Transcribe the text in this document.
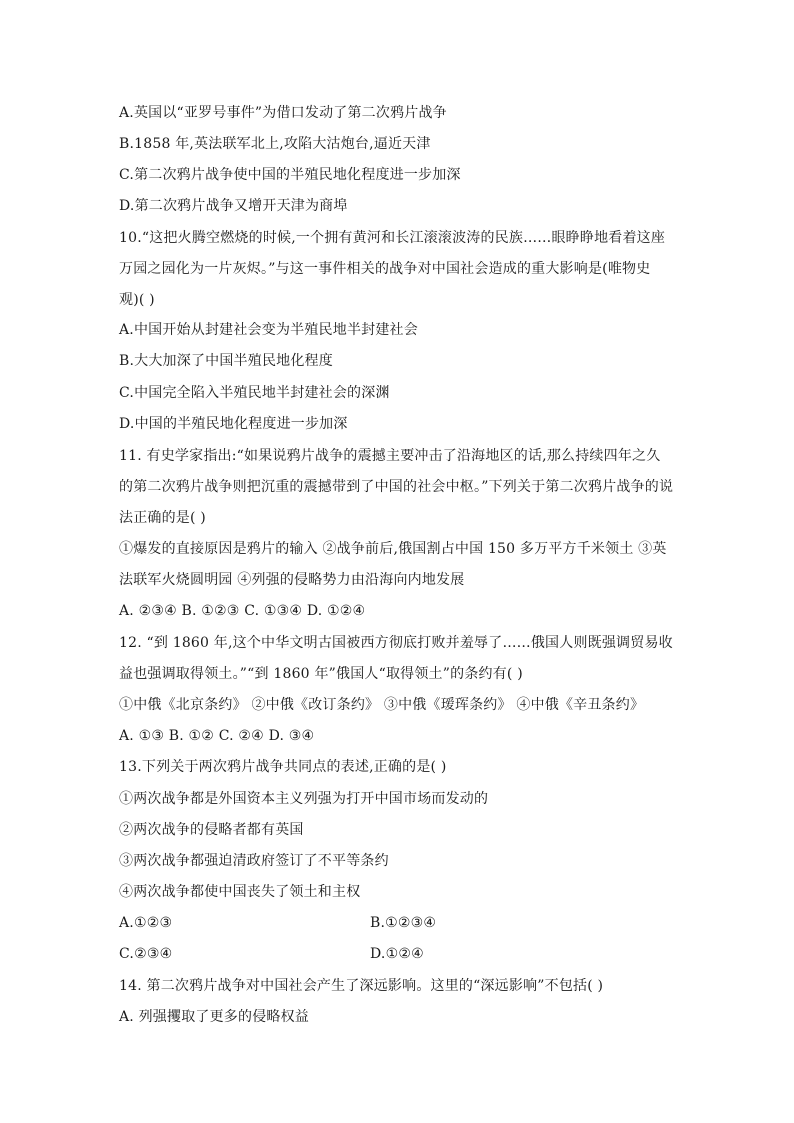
A.英国以“亚罗号事件”为借口发动了第二次鸦片战争
B.1858 年,英法联军北上,攻陷大沽炮台,逼近天津
C.第二次鸦片战争使中国的半殖民地化程度进一步加深
D.第二次鸦片战争又增开天津为商埠
10.“这把火腾空燃烧的时候,一个拥有黄河和长江滚滚波涛的民族……眼睁睁地看着这座
万园之园化为一片灰烬。”与这一事件相关的战争对中国社会造成的重大影响是(唯物史
观)( )
A.中国开始从封建社会变为半殖民地半封建社会
B.大大加深了中国半殖民地化程度
C.中国完全陷入半殖民地半封建社会的深渊
D.中国的半殖民地化程度进一步加深
11. 有史学家指出:“如果说鸦片战争的震撼主要冲击了沿海地区的话,那么持续四年之久
的第二次鸦片战争则把沉重的震撼带到了中国的社会中枢。”下列关于第二次鸦片战争的说
法正确的是( )
①爆发的直接原因是鸦片的输入 ②战争前后,俄国割占中国 150 多万平方千米领土 ③英
法联军火烧圆明园 ④列强的侵略势力由沿海向内地发展
A. ②③④ B. ①②③ C. ①③④ D. ①②④
12. “到 1860 年,这个中华文明古国被西方彻底打败并羞辱了……俄国人则既强调贸易收
益也强调取得领土。”“到 1860 年”俄国人“取得领土”的条约有( )
①中俄《北京条约》 ②中俄《改订条约》 ③中俄《瑷珲条约》 ④中俄《辛丑条约》
A. ①③ B. ①② C. ②④ D. ③④
13.下列关于两次鸦片战争共同点的表述,正确的是( )
①两次战争都是外国资本主义列强为打开中国市场而发动的
②两次战争的侵略者都有英国
③两次战争都强迫清政府签订了不平等条约
④两次战争都使中国丧失了领土和主权
A.①②③	B.①②③④
C.②③④	D.①②④
14. 第二次鸦片战争对中国社会产生了深远影响。这里的“深远影响”不包括( )
A. 列强攫取了更多的侵略权益
